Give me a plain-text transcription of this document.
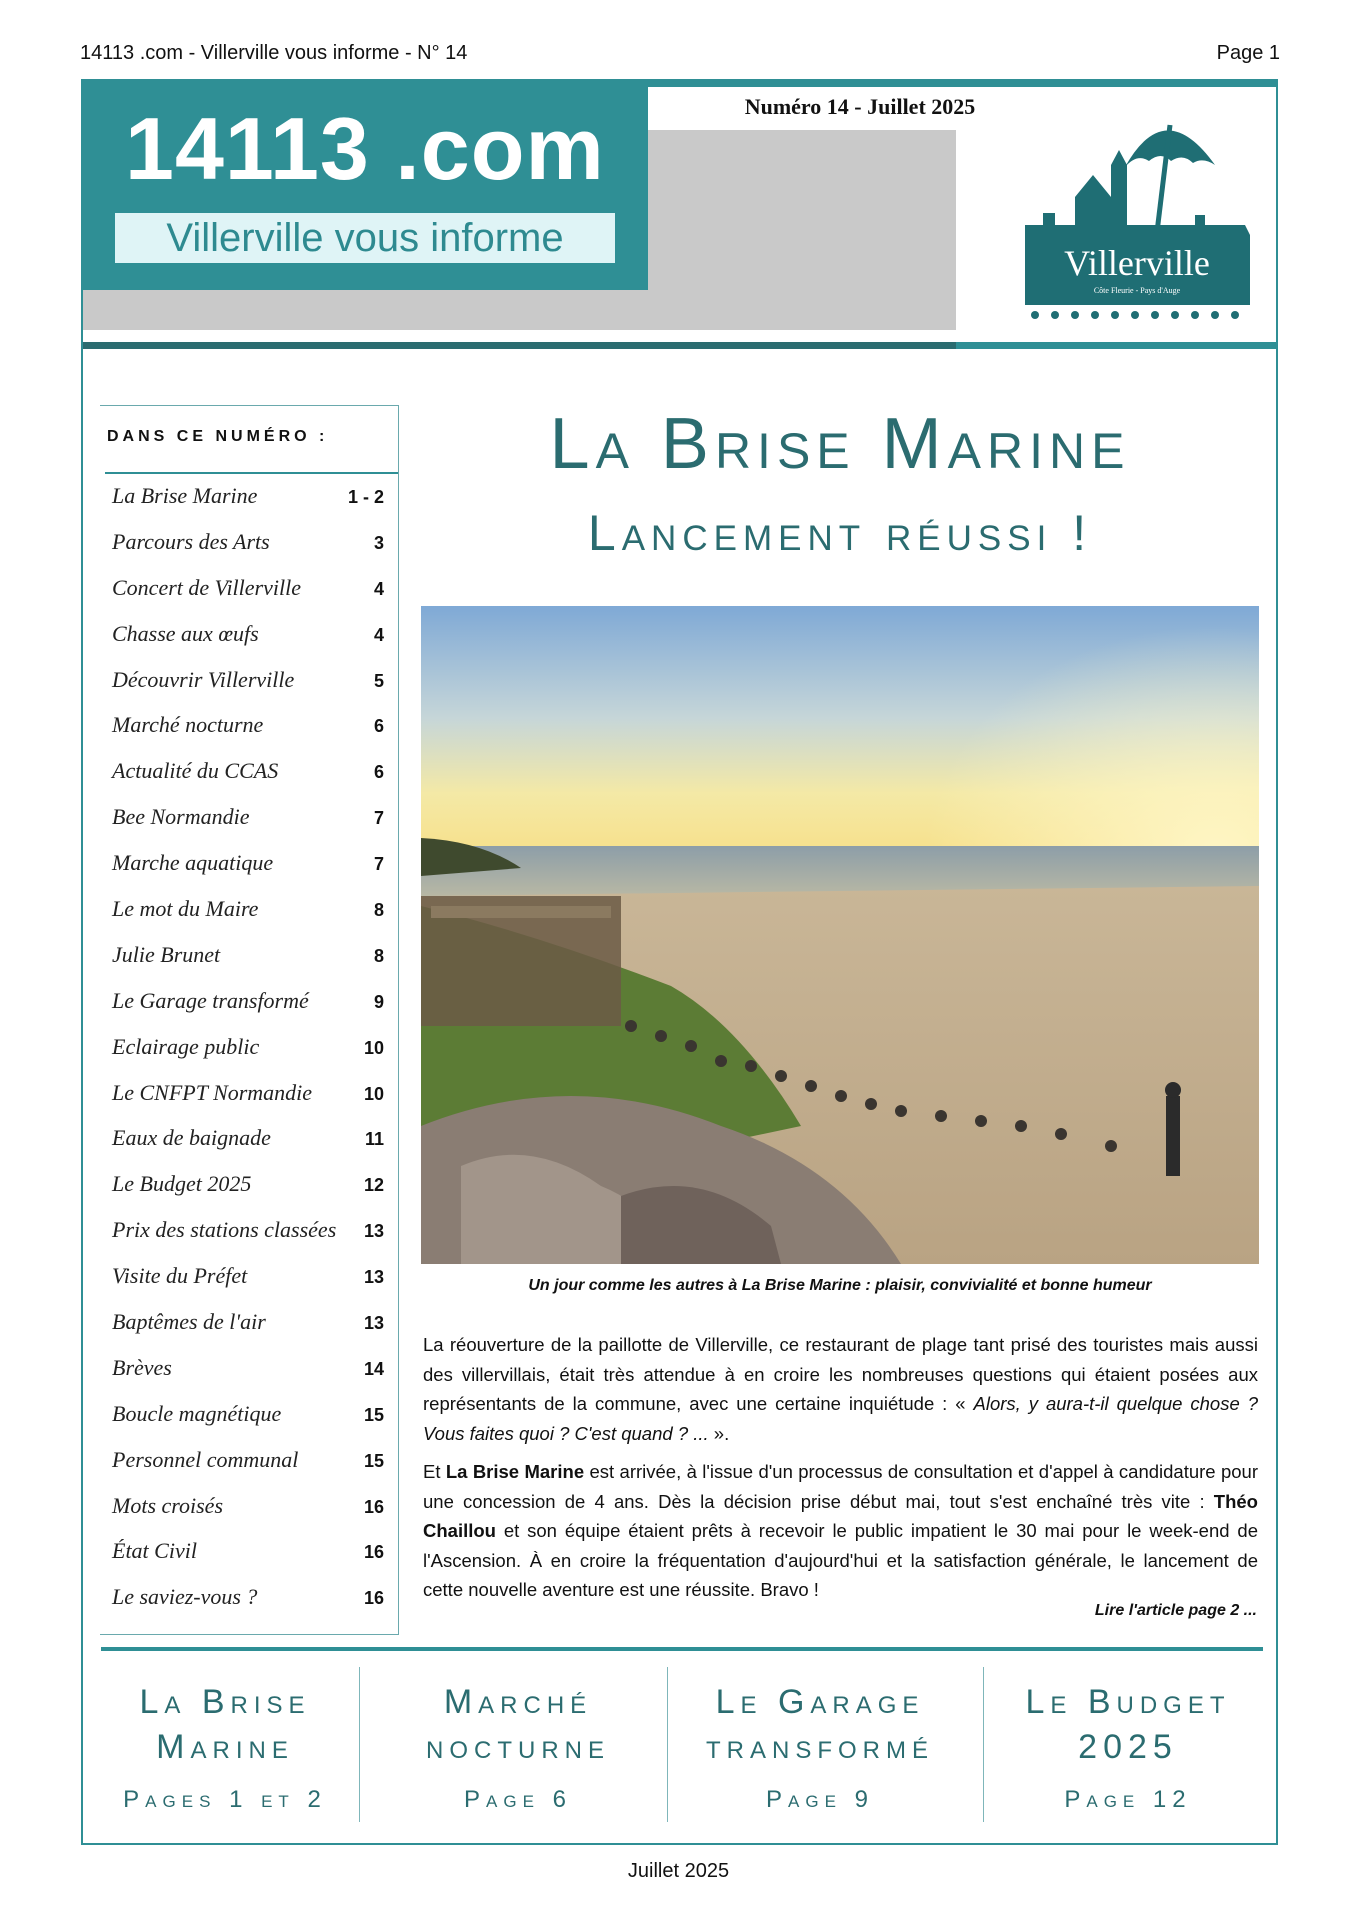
14113 .com - Villerville vous informe - N° 14	Page 1
14113 .com
Villerville vous informe
Numéro 14 - Juillet 2025
Villerville
Côte Fleurie - Pays d'Auge
DANS CE NUMÉRO :
La Brise Marine	1 - 2
Parcours des Arts	3
Concert de Villerville	4
Chasse aux œufs	4
Découvrir Villerville	5
Marché nocturne	6
Actualité du CCAS	6
Bee Normandie	7
Marche aquatique	7
Le mot du Maire	8
Julie Brunet	8
Le Garage transformé	9
Eclairage public	10
Le CNFPT Normandie	10
Eaux de baignade	11
Le Budget 2025	12
Prix des stations classées 13
Visite du Préfet	13
Baptêmes de l'air	13
Brèves	14
Boucle magnétique	15
Personnel communal	15
Mots croisés	16
État Civil	16
Le saviez-vous ?	16
La Brise Marine
Lancement réussi !
Un jour comme les autres à La Brise Marine : plaisir, convivialité et bonne humeur

La réouverture de la paillotte de Villerville, ce restaurant de plage tant prisé des touristes mais aussi des villervillais, était très attendue à en croire les nombreuses questions qui étaient posées aux représentants de la commune, avec une certaine inquiétude : « Alors, y aura-t-il quelque chose ? Vous faites quoi ? C'est quand ? ... ».

Et La Brise Marine est arrivée, à l'issue d'un processus de consultation et d'appel à candidature pour une concession de 4 ans. Dès la décision prise début mai, tout s'est enchaîné très vite : Théo Chaillou et son équipe étaient prêts à recevoir le public impatient le 30 mai pour le week-end de l'Ascension. À en croire la fréquentation d'aujourd'hui et la satisfaction générale, le lancement de cette nouvelle aventure est une réussite. Bravo !

Lire l'article page 2 ...
La Brise Marine
Pages 1 et 2
Marché nocturne
Page 6
Le Garage transformé
Page 9
Le Budget 2025
Page 12
Juillet 2025
